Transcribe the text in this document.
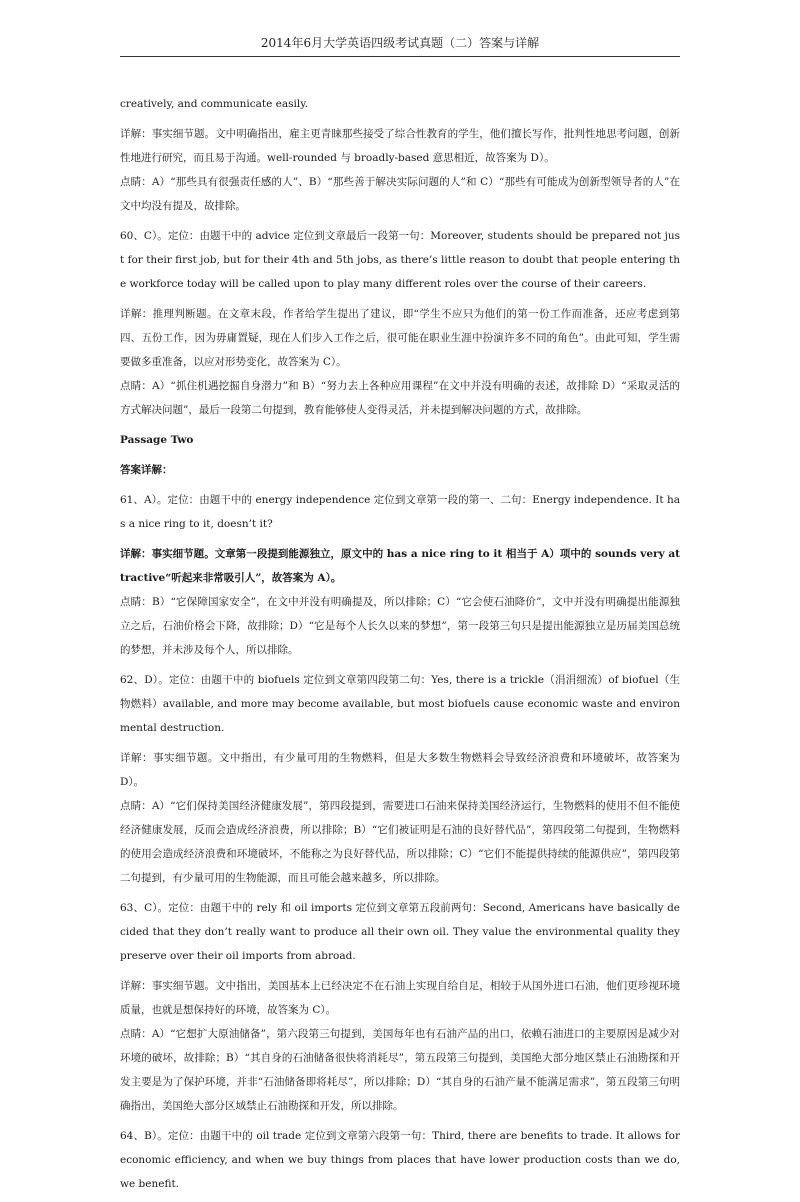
2014年6月大学英语四级考试真题（二）答案与详解

creatively, and communicate easily.

详解：事实细节题。文中明确指出，雇主更青睐那些接受了综合性教育的学生，他们擅长写作，批判性地思考问题，创新性地进行研究，而且易于沟通。well-rounded 与 broadly-based 意思相近，故答案为 D）。

点睛：A）“那些具有很强责任感的人”、B）“那些善于解决实际问题的人”和 C）“那些有可能成为创新型领导者的人”在文中均没有提及，故排除。

60、C）。定位：由题干中的 advice 定位到文章最后一段第一句：Moreover, students should be prepared not just for their first job, but for their 4th and 5th jobs, as there’s little reason to doubt that people entering the workforce today will be called upon to play many different roles over the course of their careers.

详解：推理判断题。在文章末段，作者给学生提出了建议，即“学生不应只为他们的第一份工作而准备，还应考虑到第四、五份工作，因为毋庸置疑，现在人们步入工作之后，很可能在职业生涯中扮演许多不同的角色”。由此可知，学生需要做多重准备，以应对形势变化，故答案为 C）。

点睛：A）“抓住机遇挖掘自身潜力”和 B）“努力去上各种应用课程”在文中并没有明确的表述，故排除 D）“采取灵活的方式解决问题”，最后一段第二句提到，教育能够使人变得灵活，并未提到解决问题的方式，故排除。

Passage Two

答案详解：

61、A）。定位：由题干中的 energy independence 定位到文章第一段的第一、二句：Energy independence. It has a nice ring to it, doesn’t it?

详解：事实细节题。文章第一段提到能源独立，原文中的 has a nice ring to it 相当于 A）项中的 sounds very attractive“听起来非常吸引人”，故答案为 A）。

点睛：B）“它保障国家安全”，在文中并没有明确提及，所以排除；C）“它会使石油降价”，文中并没有明确提出能源独立之后，石油价格会下降，故排除；D）“它是每个人长久以来的梦想”，第一段第三句只是提出能源独立是历届美国总统的梦想，并未涉及每个人，所以排除。

62、D）。定位：由题干中的 biofuels 定位到文章第四段第二句：Yes, there is a trickle（涓涓细流）of biofuel（生物燃料）available, and more may become available, but most biofuels cause economic waste and environmental destruction.

详解：事实细节题。文中指出，有少量可用的生物燃料，但是大多数生物燃料会导致经济浪费和环境破坏，故答案为 D）。

点睛：A）“它们保持美国经济健康发展”，第四段提到，需要进口石油来保持美国经济运行，生物燃料的使用不但不能使经济健康发展，反而会造成经济浪费，所以排除；B）“它们被证明是石油的良好替代品”，第四段第二句提到，生物燃料的使用会造成经济浪费和环境破坏，不能称之为良好替代品，所以排除；C）“它们不能提供持续的能源供应”，第四段第二句提到，有少量可用的生物能源，而且可能会越来越多，所以排除。

63、C）。定位：由题干中的 rely 和 oil imports 定位到文章第五段前两句：Second, Americans have basically decided that they don’t really want to produce all their own oil. They value the environmental quality they preserve over their oil imports from abroad.

详解：事实细节题。文中指出，美国基本上已经决定不在石油上实现自给自足，相较于从国外进口石油，他们更珍视环境质量，也就是想保持好的环境，故答案为 C）。

点睛：A）“它想扩大原油储备”，第六段第三句提到，美国每年也有石油产品的出口，依赖石油进口的主要原因是减少对环境的破坏，故排除；B）“其自身的石油储备很快将消耗尽”，第五段第三句提到，美国绝大部分地区禁止石油勘探和开发主要是为了保护环境，并非“石油储备即将耗尽”，所以排除；D）“其自身的石油产量不能满足需求”，第五段第三句明确指出，美国绝大部分区域禁止石油勘探和开发，所以排除。

64、B）。定位：由题干中的 oil trade 定位到文章第六段第一句：Third, there are benefits to trade. It allows for economic efficiency, and when we buy things from places that have lower production costs than we do, we benefit.
